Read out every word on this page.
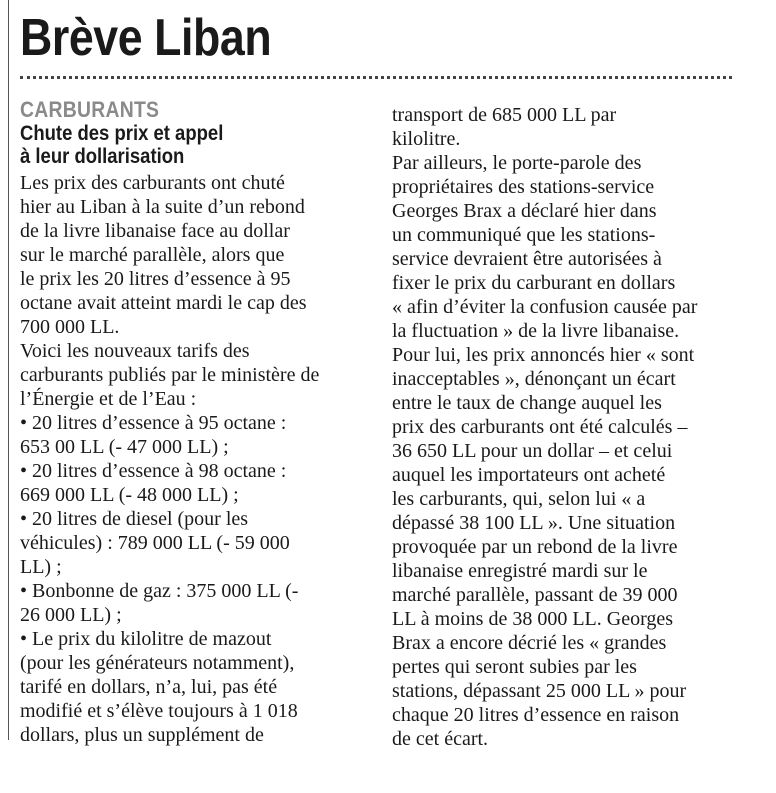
Brève Liban
CARBURANTS
Chute des prix et appel
à leur dollarisation
Les prix des carburants ont chuté
hier au Liban à la suite d’un rebond
de la livre libanaise face au dollar
sur le marché parallèle, alors que
le prix les 20 litres d’essence à 95
octane avait atteint mardi le cap des
700 000 LL.
Voici les nouveaux tarifs des
carburants publiés par le ministère de
l’Énergie et de l’Eau :
• 20 litres d’essence à 95 octane :
653 00 LL (- 47 000 LL) ;
• 20 litres d’essence à 98 octane :
669 000 LL (- 48 000 LL) ;
• 20 litres de diesel (pour les
véhicules) : 789 000 LL (- 59 000
LL) ;
• Bonbonne de gaz : 375 000 LL (-
26 000 LL) ;
• Le prix du kilolitre de mazout
(pour les générateurs notamment),
tarifé en dollars, n’a, lui, pas été
modifié et s’élève toujours à 1 018
dollars, plus un supplément de
transport de 685 000 LL par
kilolitre.
Par ailleurs, le porte-parole des
propriétaires des stations-service
Georges Brax a déclaré hier dans
un communiqué que les stations-
service devraient être autorisées à
fixer le prix du carburant en dollars
« afin d’éviter la confusion causée par
la fluctuation » de la livre libanaise.
Pour lui, les prix annoncés hier « sont
inacceptables », dénonçant un écart
entre le taux de change auquel les
prix des carburants ont été calculés –
36 650 LL pour un dollar – et celui
auquel les importateurs ont acheté
les carburants, qui, selon lui « a
dépassé 38 100 LL ». Une situation
provoquée par un rebond de la livre
libanaise enregistré mardi sur le
marché parallèle, passant de 39 000
LL à moins de 38 000 LL. Georges
Brax a encore décrié les « grandes
pertes qui seront subies par les
stations, dépassant 25 000 LL » pour
chaque 20 litres d’essence en raison
de cet écart.
